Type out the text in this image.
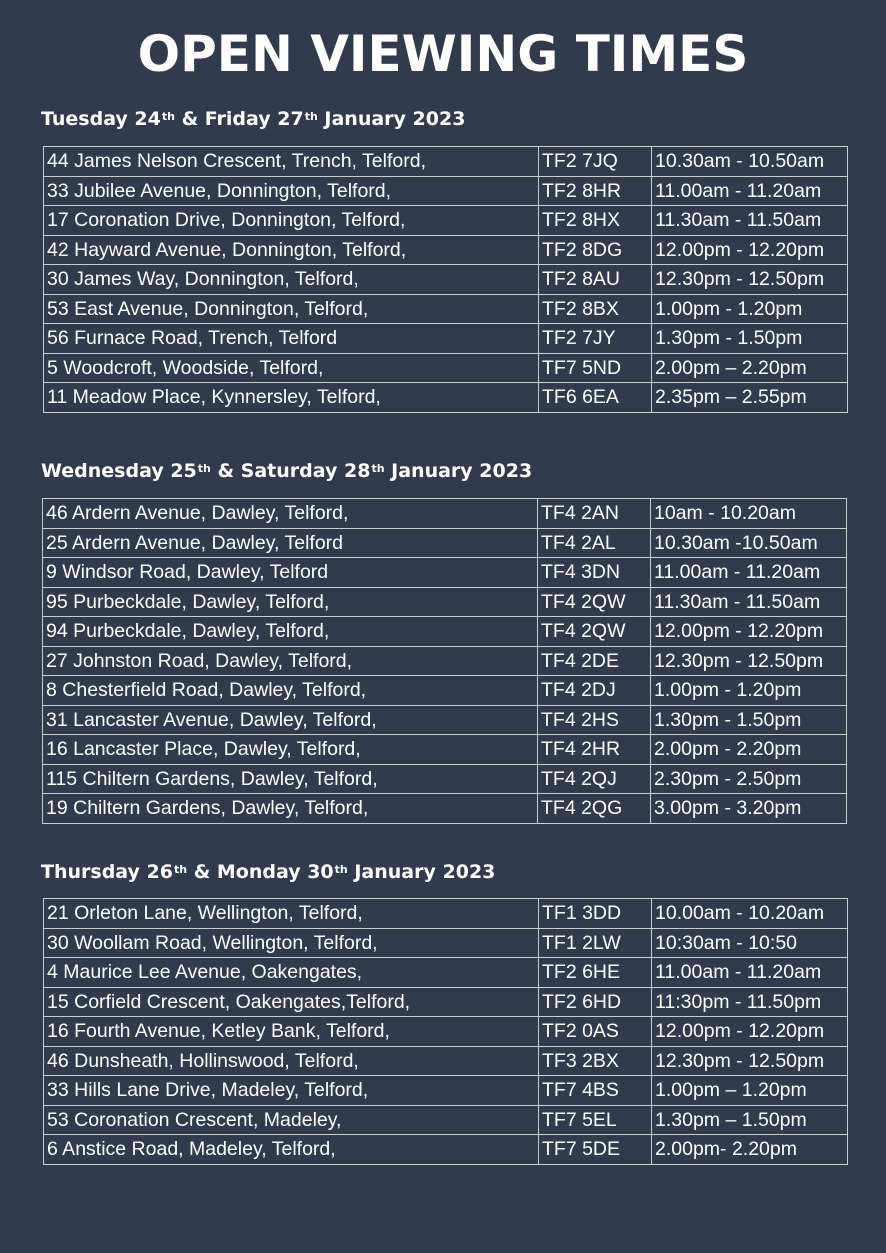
OPEN VIEWING TIMES
Tuesday 24th & Friday 27th January 2023
44 James Nelson Crescent, Trench, Telford,	TF2 7JQ	10.30am - 10.50am
33 Jubilee Avenue, Donnington, Telford,	TF2 8HR	11.00am - 11.20am
17 Coronation Drive, Donnington, Telford,	TF2 8HX	11.30am - 11.50am
42 Hayward Avenue, Donnington, Telford,	TF2 8DG	12.00pm - 12.20pm
30 James Way, Donnington, Telford,	TF2 8AU	12.30pm - 12.50pm
53 East Avenue, Donnington, Telford,	TF2 8BX	1.00pm - 1.20pm
56 Furnace Road, Trench, Telford	TF2 7JY	1.30pm - 1.50pm
5 Woodcroft, Woodside, Telford,	TF7 5ND	2.00pm – 2.20pm
11 Meadow Place, Kynnersley, Telford,	TF6 6EA	2.35pm – 2.55pm
Wednesday 25th & Saturday 28th January 2023
46 Ardern Avenue, Dawley, Telford,	TF4 2AN	10am - 10.20am
25 Ardern Avenue, Dawley, Telford	TF4 2AL	10.30am -10.50am
9 Windsor Road, Dawley, Telford	TF4 3DN	11.00am - 11.20am
95 Purbeckdale, Dawley, Telford,	TF4 2QW	11.30am - 11.50am
94 Purbeckdale, Dawley, Telford,	TF4 2QW	12.00pm - 12.20pm
27 Johnston Road, Dawley, Telford,	TF4 2DE	12.30pm - 12.50pm
8 Chesterfield Road, Dawley, Telford,	TF4 2DJ	1.00pm - 1.20pm
31 Lancaster Avenue, Dawley, Telford,	TF4 2HS	1.30pm - 1.50pm
16 Lancaster Place, Dawley, Telford,	TF4 2HR	2.00pm - 2.20pm
115 Chiltern Gardens, Dawley, Telford,	TF4 2QJ	2.30pm - 2.50pm
19 Chiltern Gardens, Dawley, Telford,	TF4 2QG	3.00pm - 3.20pm
Thursday 26th & Monday 30th January 2023
21 Orleton Lane, Wellington, Telford,	TF1 3DD	10.00am - 10.20am
30 Woollam Road, Wellington, Telford,	TF1 2LW	10:30am - 10:50
4 Maurice Lee Avenue, Oakengates,	TF2 6HE	11.00am - 11.20am
15 Corfield Crescent, Oakengates,Telford,	TF2 6HD	11:30pm - 11.50pm
16 Fourth Avenue, Ketley Bank, Telford,	TF2 0AS	12.00pm - 12.20pm
46 Dunsheath, Hollinswood, Telford,	TF3 2BX	12.30pm - 12.50pm
33 Hills Lane Drive, Madeley, Telford,	TF7 4BS	1.00pm – 1.20pm
53 Coronation Crescent, Madeley,	TF7 5EL	1.30pm – 1.50pm
6 Anstice Road, Madeley, Telford,	TF7 5DE	2.00pm- 2.20pm
